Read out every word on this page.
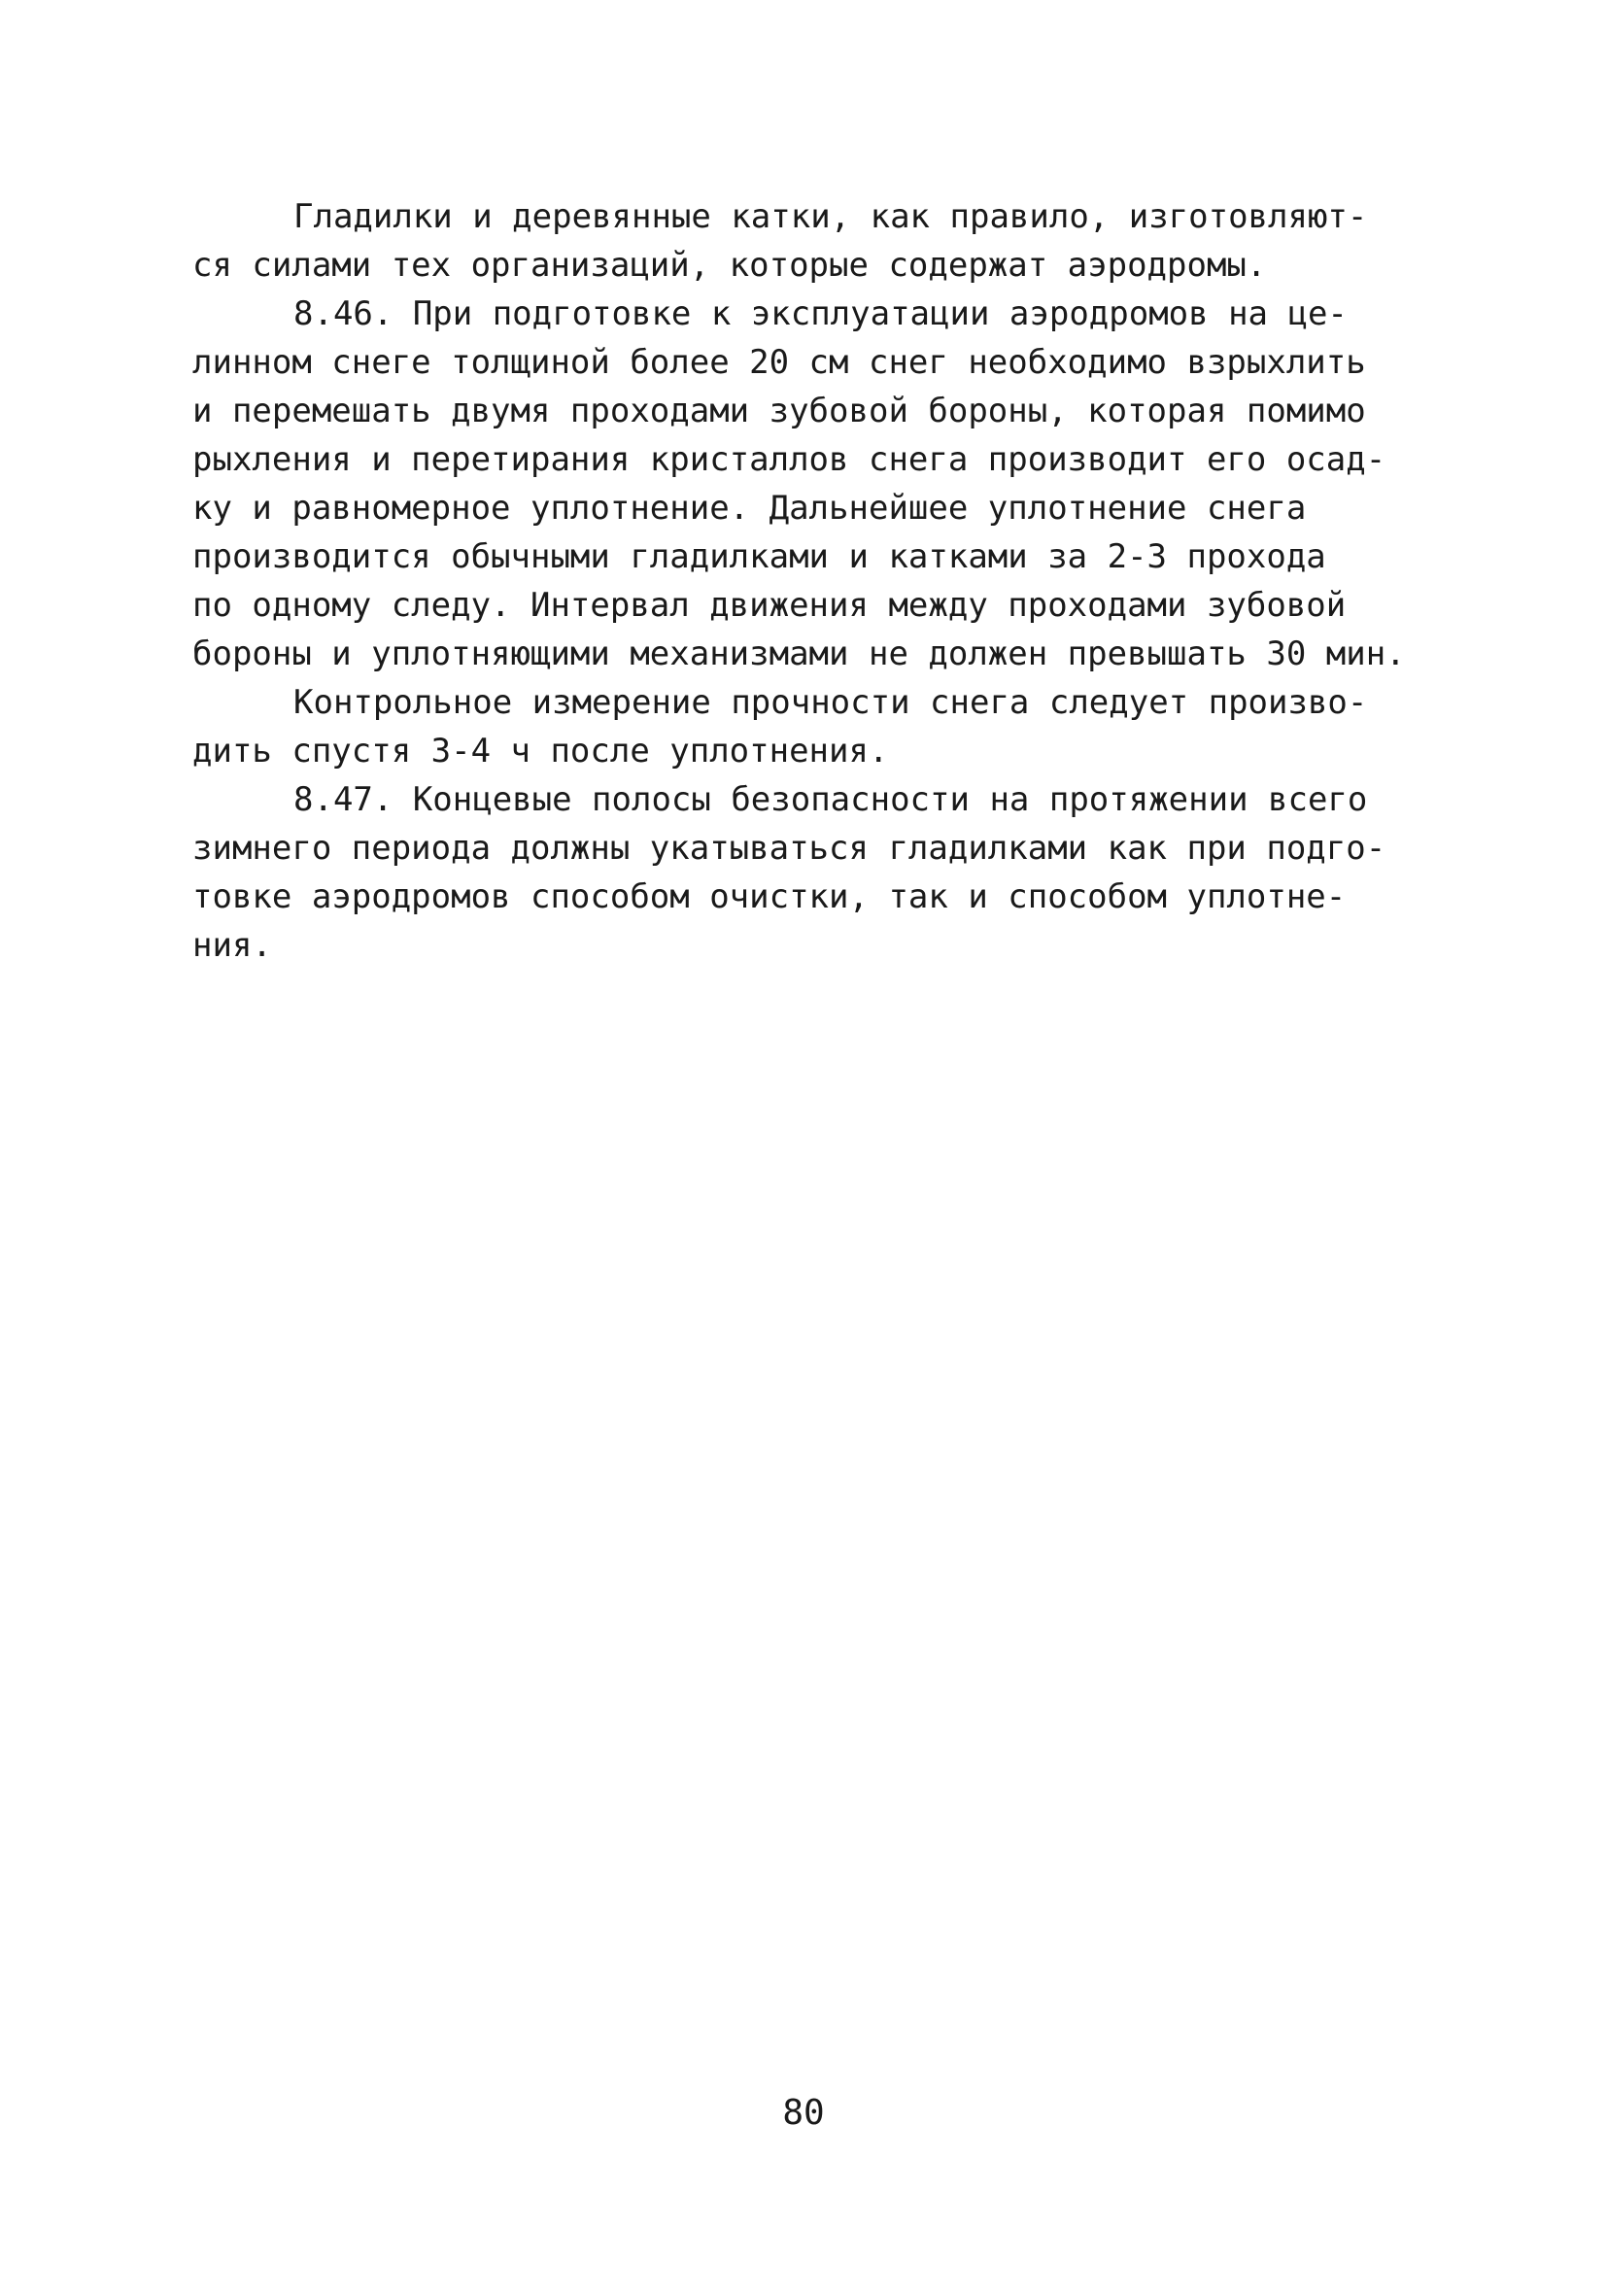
Гладилки и деревянные катки, как правило, изготовляют-
ся силами тех организаций, которые содержат аэродромы.
8.46. При подготовке к эксплуатации аэродромов на це-
линном снеге толщиной более 20 см снег необходимо взрыхлить
и перемешать двумя проходами зубовой бороны, которая помимо
рыхления и перетирания кристаллов снега производит его осад-
ку и равномерное уплотнение. Дальнейшее уплотнение снега
производится обычными гладилками и катками за 2-3 прохода
по одному следу. Интервал движения между проходами зубовой
бороны и уплотняющими механизмами не должен превышать 30 мин.
Контрольное измерение прочности снега следует произво-
дить спустя 3-4 ч после уплотнения.
8.47. Концевые полосы безопасности на протяжении всего
зимнего периода должны укатываться гладилками как при подго-
товке аэродромов способом очистки, так и способом уплотне-
ния.
80
